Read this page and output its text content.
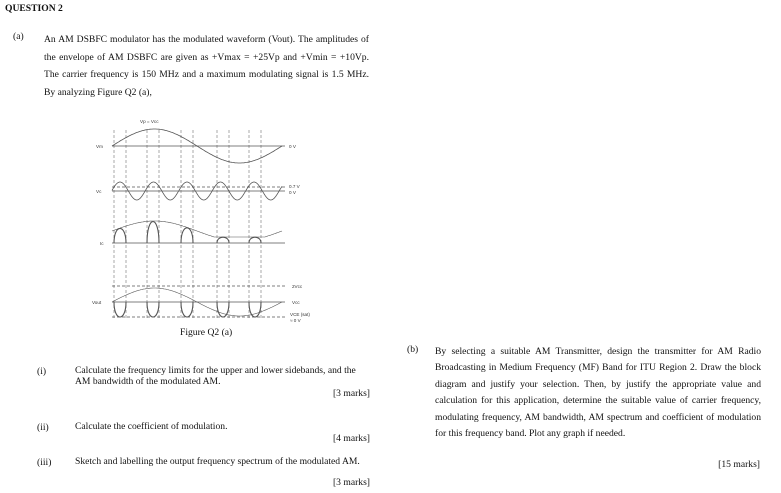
QUESTION 2
(a) An AM DSBFC modulator has the modulated waveform (Vout). The amplitudes of the envelope of AM DSBFC are given as +Vmax = +25Vp and +Vmin = +10Vp. The carrier frequency is 150 MHz and a maximum modulating signal is 1.5 MHz. By analyzing Figure Q2 (a),
Vp = Vcc
Vm	0 V
Vc
0.7 V
0 V
Ic
2Vcc
Vout	Vcc
VCE (sat)
≈ 0 V
Figure Q2 (a)
(i)	Calculate the frequency limits for the upper and lower sidebands, and the AM bandwidth of the modulated AM.
[3 marks]
(ii)	Calculate the coefficient of modulation.
[4 marks]
(iii) Sketch and labelling the output frequency spectrum of the modulated AM.
[3 marks]
(b) By selecting a suitable AM Transmitter, design the transmitter for AM Radio Broadcasting in Medium Frequency (MF) Band for ITU Region 2. Draw the block diagram and justify your selection. Then, by justify the appropriate value and calculation for this application, determine the suitable value of carrier frequency, modulating frequency, AM bandwidth, AM spectrum and coefficient of modulation for this frequency band. Plot any graph if needed.
[15 marks]
